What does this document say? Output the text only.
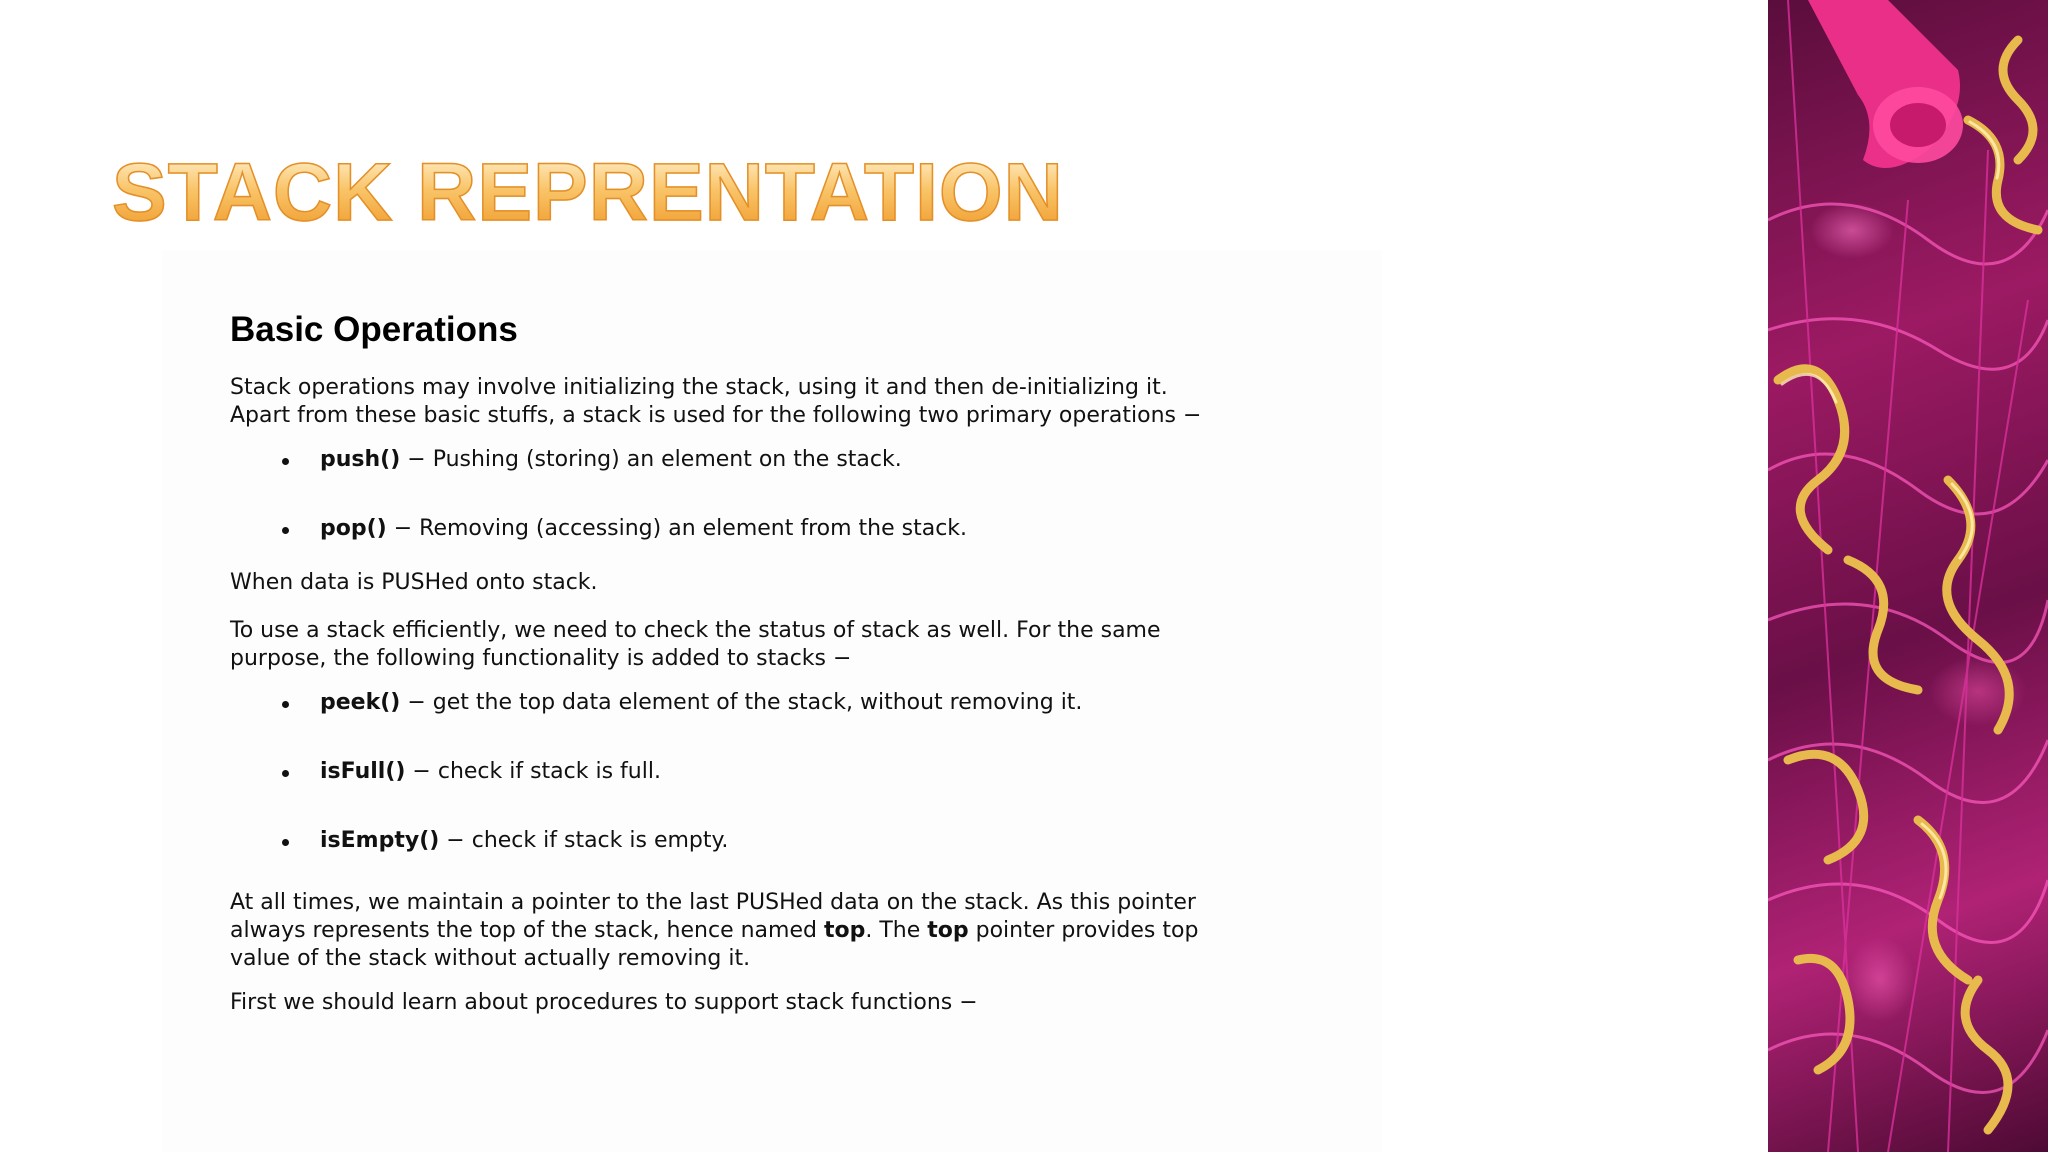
STACK REPRENTATION
Basic Operations

Stack operations may involve initializing the stack, using it and then de-initializing it.
Apart from these basic stuffs, a stack is used for the following two primary operations −

push() − Pushing (storing) an element on the stack.
pop() − Removing (accessing) an element from the stack.

When data is PUSHed onto stack.

To use a stack efficiently, we need to check the status of stack as well. For the same
purpose, the following functionality is added to stacks −

peek() − get the top data element of the stack, without removing it.
isFull() − check if stack is full.
isEmpty() − check if stack is empty.

At all times, we maintain a pointer to the last PUSHed data on the stack. As this pointer
always represents the top of the stack, hence named top. The top pointer provides top
value of the stack without actually removing it.

First we should learn about procedures to support stack functions −
